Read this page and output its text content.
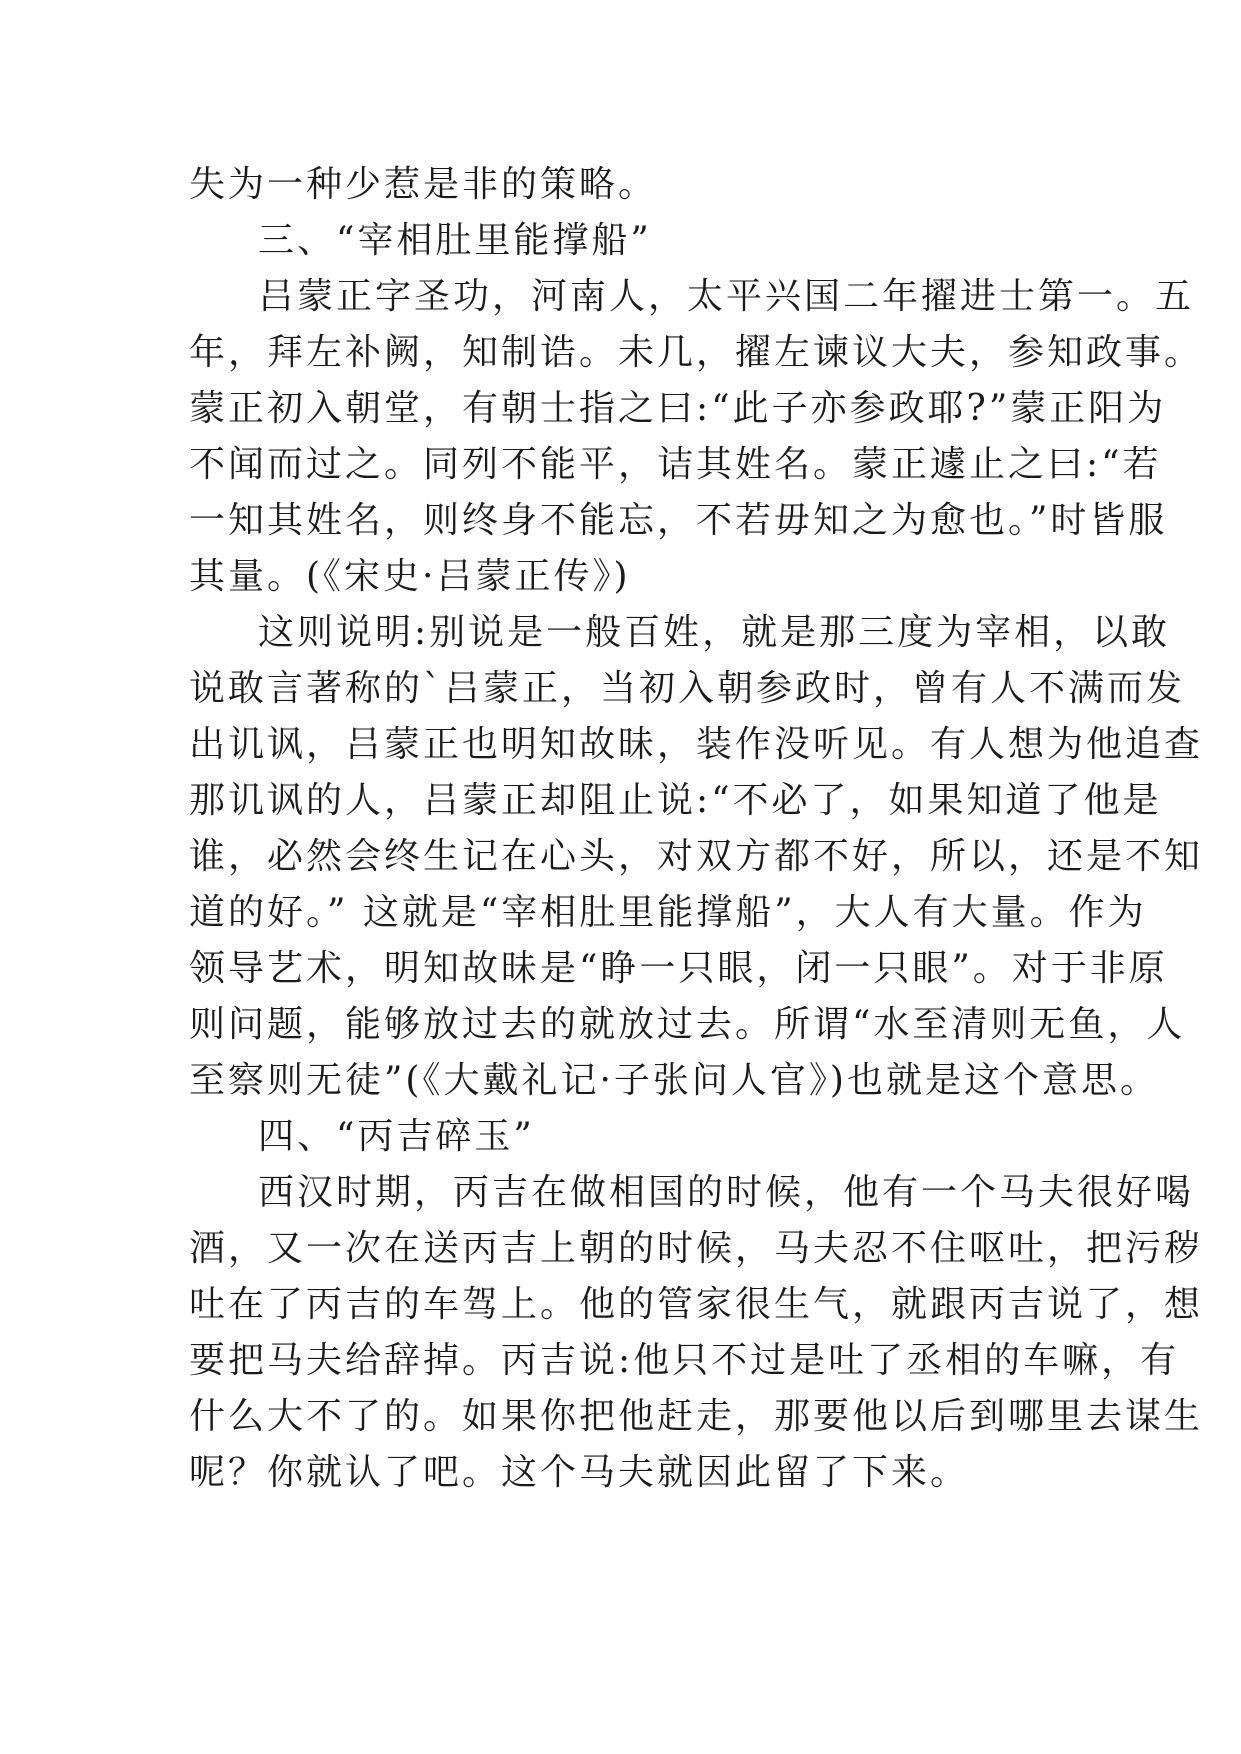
失为一种少惹是非的策略。
三、“宰相肚里能撑船”
吕蒙正字圣功，河南人，太平兴国二年擢进士第一。五
年，拜左补阙，知制诰。未几，擢左谏议大夫，参知政事。
蒙正初入朝堂，有朝士指之曰:“此子亦参政耶?”蒙正阳为
不闻而过之。同列不能平，诘其姓名。蒙正遽止之曰:“若
一知其姓名，则终身不能忘，不若毋知之为愈也。”时皆服
其量。(《宋史·吕蒙正传》)
这则说明:别说是一般百姓，就是那三度为宰相，以敢
说敢言著称的`吕蒙正，当初入朝参政时，曾有人不满而发
出讥讽，吕蒙正也明知故昧，装作没听见。有人想为他追查
那讥讽的人，吕蒙正却阻止说:“不必了，如果知道了他是
谁，必然会终生记在心头，对双方都不好，所以，还是不知
道的好。” 这就是“宰相肚里能撑船”，大人有大量。作为
领导艺术，明知故昧是“睁一只眼，闭一只眼”。对于非原
则问题，能够放过去的就放过去。所谓“水至清则无鱼，人
至察则无徒”(《大戴礼记·子张问人官》)也就是这个意思。
四、“丙吉碎玉”
西汉时期，丙吉在做相国的时候，他有一个马夫很好喝
酒，又一次在送丙吉上朝的时候，马夫忍不住呕吐，把污秽
吐在了丙吉的车驾上。他的管家很生气，就跟丙吉说了，想
要把马夫给辞掉。丙吉说:他只不过是吐了丞相的车嘛，有
什么大不了的。如果你把他赶走，那要他以后到哪里去谋生
呢？你就认了吧。这个马夫就因此留了下来。
